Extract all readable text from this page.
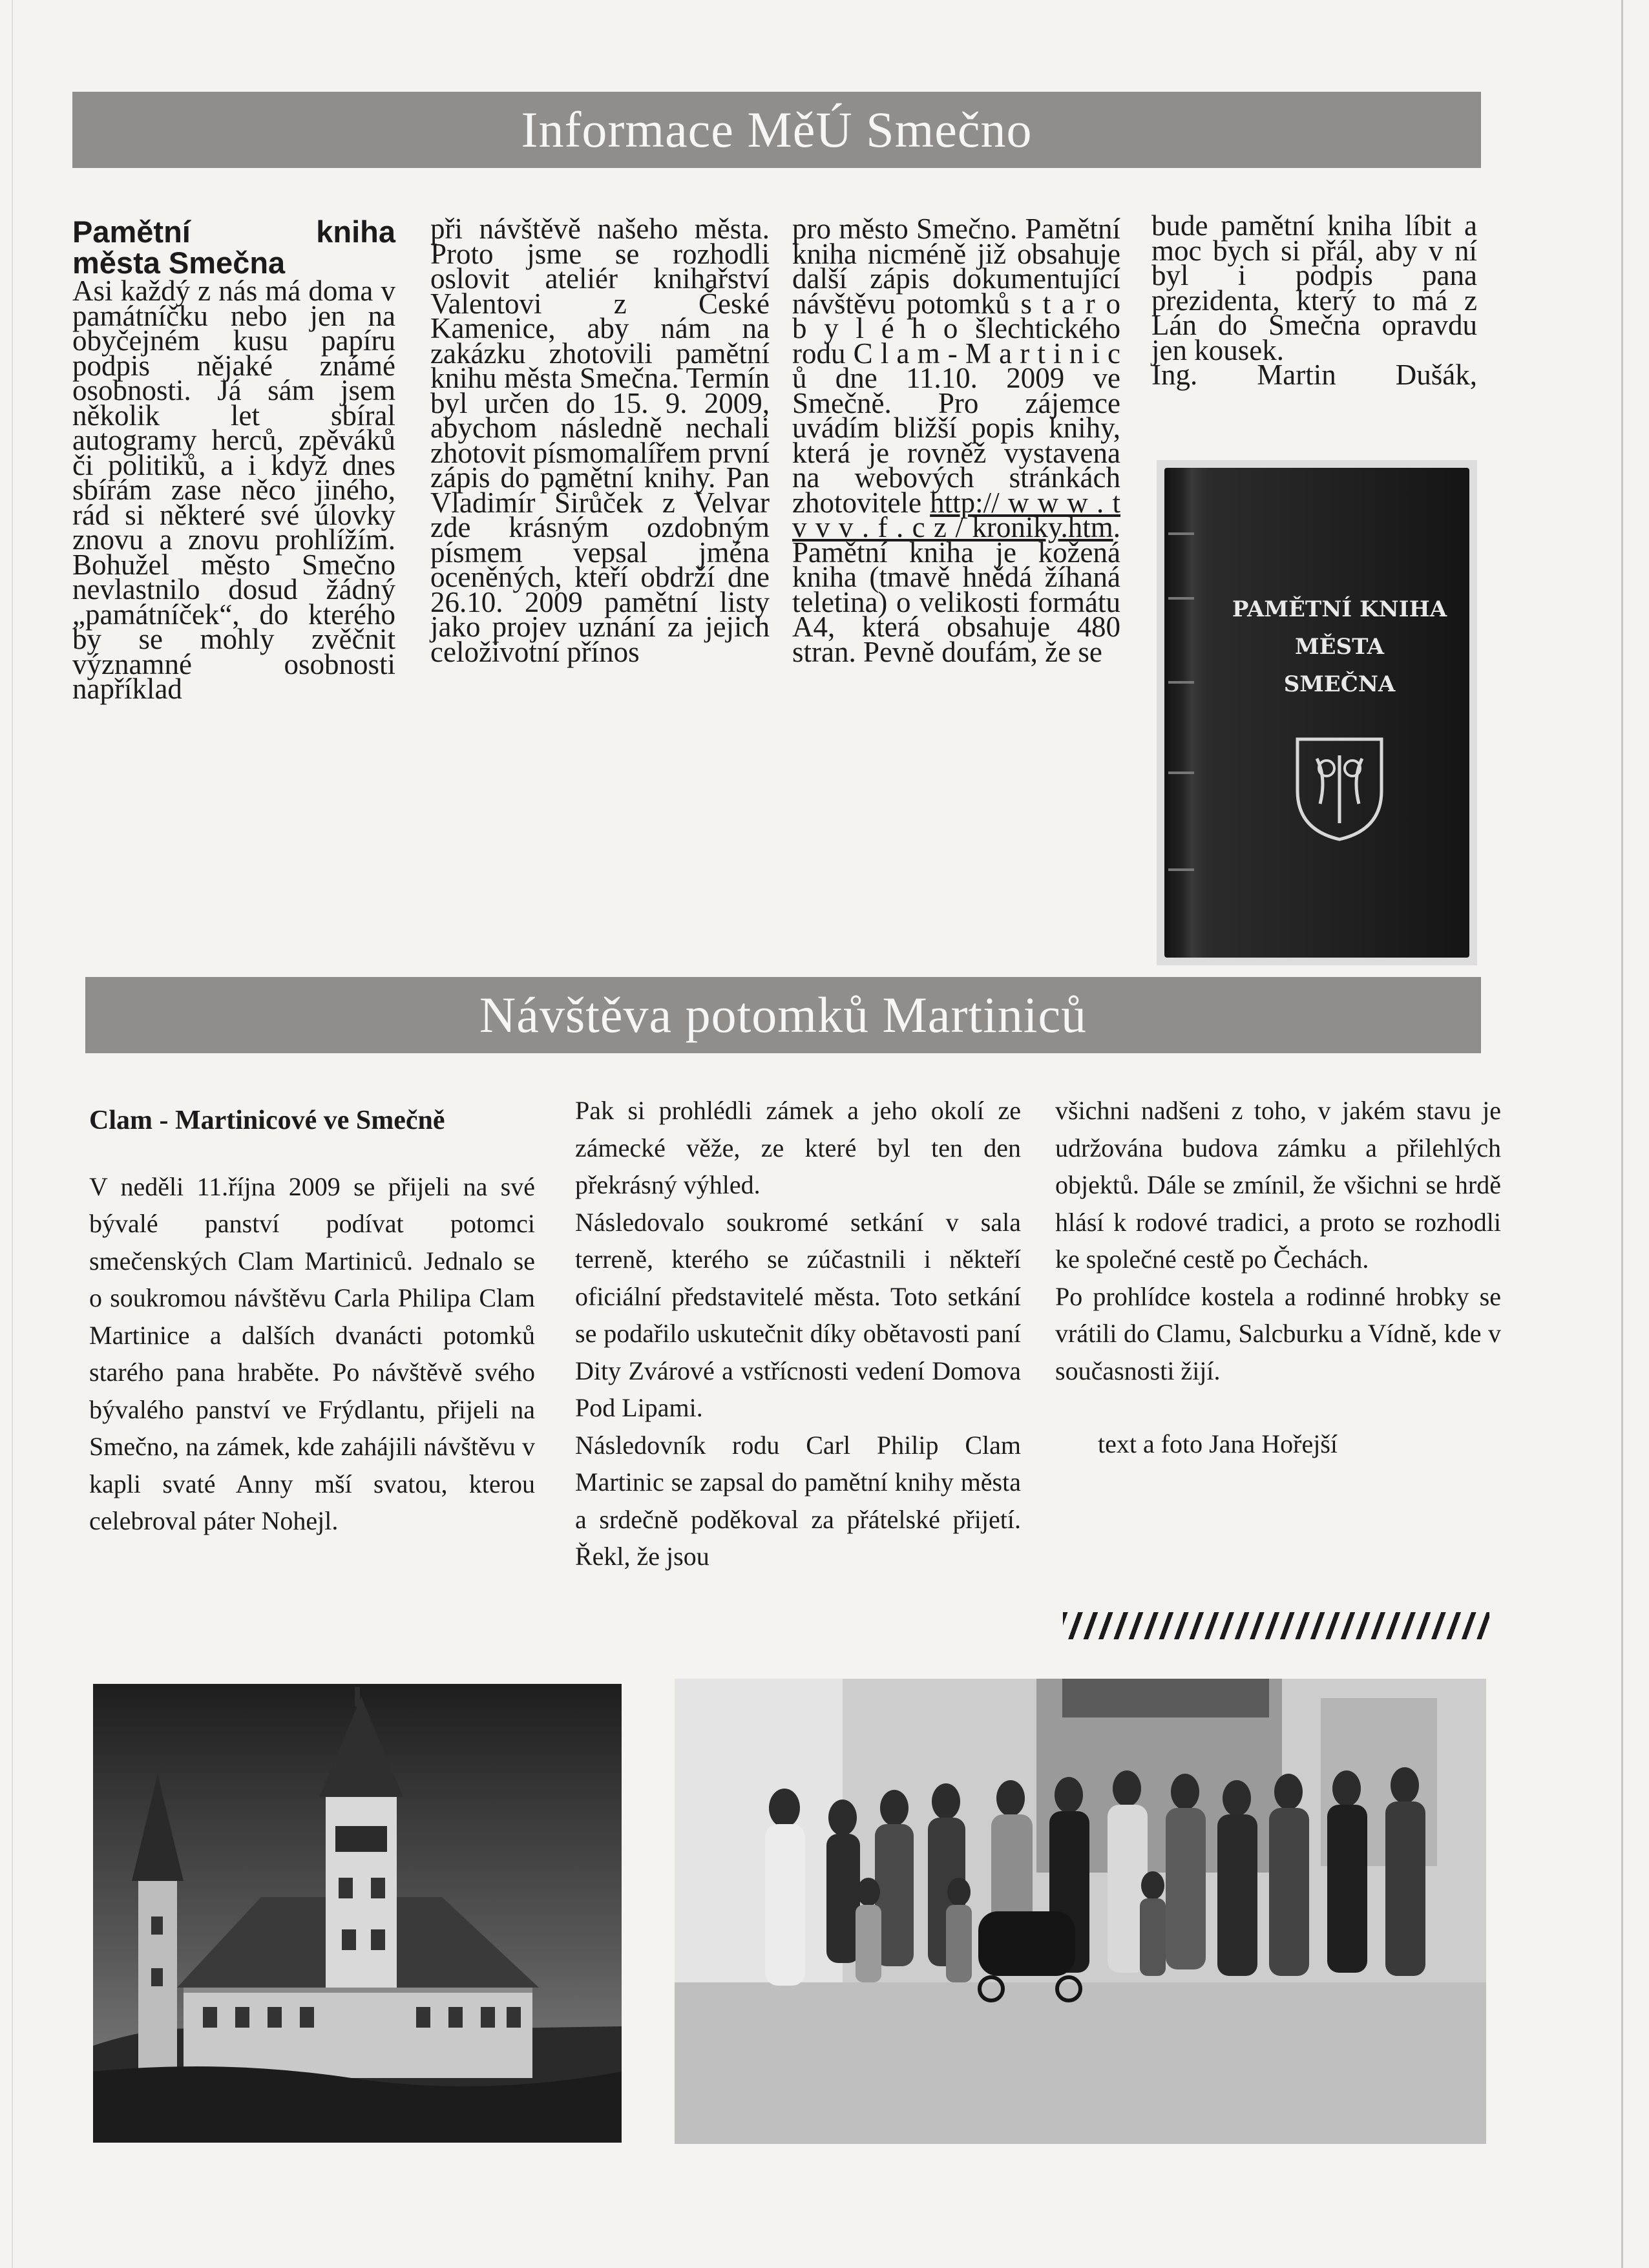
Informace MěÚ Smečno
Pamětní	kniha
města Smečna
Asi každý z nás má doma v památníčku nebo jen na obyčejném kusu papíru podpis nějaké známé osobnosti. Já sám jsem několik let sbíral autogramy herců, zpěváků či politiků, a i když dnes sbírám zase něco jiného, rád si některé své úlovky znovu a znovu prohlížím. Bohužel město Smečno nevlastnilo dosud žádný „památníček“, do kterého by se mohly zvěčnit významné osobnosti například
při návštěvě našeho města. Proto jsme se rozhodli oslovit ateliér knihařství Valentovi z České Kamenice, aby nám na zakázku zhotovili pamětní knihu města Smečna. Termín byl určen do 15. 9. 2009, abychom následně nechali zhotovit písmomalířem první zápis do pamětní knihy. Pan Vladimír Širůček z Velvar zde krásným ozdobným písmem vepsal jména oceněných, kteří obdrží dne 26.10. 2009 pamětní listy jako projev uznání za jejich celoživotní přínos
pro město Smečno. Pamětní kniha nicméně již obsahuje další zápis dokumentující návštěvu potomků s t a r o b y l é h o šlechtického rodu C l a m - M a r t i n i c ů dne 11.10. 2009 ve Smečně. Pro zájemce uvádím bližší popis knihy, která je rovněž vystavena na webových stránkách zhotovitele http:// w w w . t v v v . f . c z / kroniky.htm. Pamětní kniha je kožená kniha (tmavě hnědá žíhaná teletina) o velikosti formátu A4, která obsahuje 480 stran. Pevně doufám, že se
bude pamětní kniha líbit a moc bych si přál, aby v ní byl i podpis pana prezidenta, který to má z Lán do Smečna opravdu jen kousek.
Ing. Martin Dušák,
PAMĚTNÍ KNIHA
MĚSTA
SMEČNA
Návštěva potomků Martiniců
Clam - Martinicové ve Smečně
V neděli 11.října 2009 se přijeli na své bývalé panství podívat potomci smečenských Clam Martiniců. Jednalo se o soukromou návštěvu Carla Philipa Clam Martinice a dalších dvanácti potomků starého pana hraběte. Po návštěvě svého bývalého panství ve Frýdlantu, přijeli na Smečno, na zámek, kde zahájili návštěvu v kapli svaté Anny mší svatou, kterou celebroval páter Nohejl.

Pak si prohlédli zámek a jeho okolí ze zámecké věže, ze které byl ten den překrásný výhled.

Následovalo soukromé setkání v sala terreně, kterého se zúčastnili i někteří oficiální představitelé města. Toto setkání se podařilo uskutečnit díky obětavosti paní Dity Zvárové a vstřícnosti vedení Domova Pod Lipami.

Následovník rodu Carl Philip Clam Martinic se zapsal do pamětní knihy města a srdečně poděkoval za přátelské přijetí. Řekl, že jsou

všichni nadšeni z toho, v jakém stavu je udržována budova zámku a přilehlých objektů. Dále se zmínil, že všichni se hrdě hlásí k rodové tradici, a proto se rozhodli ke společné cestě po Čechách.

Po prohlídce kostela a rodinné hrobky se vrátili do Clamu, Salcburku a Vídně, kde v současnosti žijí.

text a foto Jana Hořejší
